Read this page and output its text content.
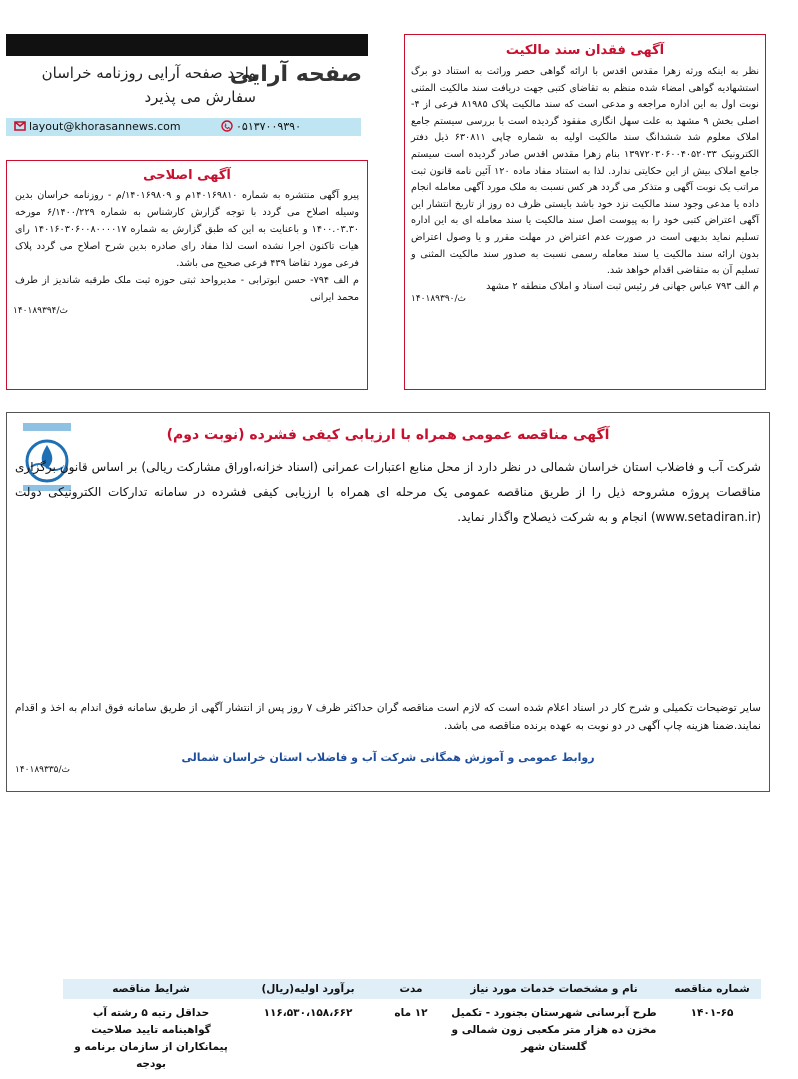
آگهی فقدان سند مالکیت
نظر به اینکه ورثه زهرا مقدس اقدس با ارائه گواهی حصر وراثت به استناد دو برگ استشهادیه گواهی امضاء شده منظم به تقاضای کتبی جهت دریافت سند مالکیت المثنی نوبت اول به این اداره مراجعه و مدعی است که سند مالکیت پلاک ۸۱۹۸۵ فرعی از ۴- اصلی بخش ۹ مشهد به علت سهل انگاری مفقود گردیده است با بررسی سیستم جامع املاک معلوم شد ششدانگ سند مالکیت اولیه به شماره چاپی ۶۳۰۸۱۱ ذیل دفتر الکترونیک ۱۳۹۷۲۰۳۰۶۰۰۴۰۵۲۰۳۳ بنام زهرا مقدس اقدس صادر گردیده است سیستم جامع املاک بیش از این حکایتی ندارد. لذا به استناد مفاد ماده ۱۲۰ آئین نامه قانون ثبت مراتب یک نوبت آگهی و متذکر می گردد هر کس نسبت به ملک مورد آگهی معامله انجام داده یا مدعی وجود سند مالکیت نزد خود باشد بایستی ظرف ده روز از تاریخ انتشار این آگهی اعتراض کتبی خود را به پیوست اصل سند مالکیت یا سند معامله ای به این اداره تسلیم نماید بدیهی است در صورت عدم اعتراض در مهلت مقرر و یا وصول اعتراض بدون ارائه سند مالکیت یا سند معامله رسمی نسبت به صدور سند مالکیت المثنی و تسلیم آن به متقاضی اقدام خواهد شد.
م الف ۷۹۳ عباس جهانی فر رئیس ثبت اسناد و املاک منطقه ۲ مشهد
ث/۱۴۰۱۸۹۳۹۰
صفحه آرایی
واحد صفحه آرایی روزنامه خراسان
سفارش می پذیرد
layout@khorasannews.com	۰۵۱۳۷۰۰۹۳۹۰
آگهی اصلاحی
پیرو آگهی منتشره به شماره ۱۴۰۱۶۹۸۱۰م و ۱۴۰۱۶۹۸۰۹/م - روزنامه خراسان بدین وسیله اصلاح می گردد با توجه گزارش کارشناس به شماره ۶/۱۴۰۰/۲۲۹ مورخه ۱۴۰۰.۰۳.۳۰ و باعنایت به این که طبق گزارش به شماره ۱۴۰۱۶۰۳۰۶۰۰۸۰۰۰۰۱۷ رای هیات تاکنون اجرا نشده است لذا مفاد رای صادره بدین شرح اصلاح می گردد پلاک فرعی مورد تقاضا ۴۳۹ فرعی صحیح می باشد.
م الف ۷۹۴- حسن ابوترابی - مدیرواحد ثبتی حوزه ثبت ملک طرقبه شاندیز از طرف محمد ایرانی
ث/۱۴۰۱۸۹۳۹۴
آگهی مناقصه عمومی همراه با ارزیابی کیفی فشرده (نوبت دوم)
شرکت آب و فاضلاب استان خراسان شمالی در نظر دارد از محل منابع اعتبارات عمرانی (اسناد خزانه،اوراق مشارکت ریالی) بر اساس قانون برگزاری مناقصات پروژه مشروحه ذیل را از طریق مناقصه عمومی یک مرحله ای همراه با ارزیابی کیفی فشرده در سامانه تدارکات الکترونیکی دولت (www.setadiran.ir) انجام و به شرکت ذیصلاح واگذار نماید.
شماره مناقصه	نام و مشخصات خدمات مورد نیاز	مدت	برآورد اولیه(ریال)	شرایط مناقصه
۱۴۰۱-۶۵	طرح آبرسانی شهرستان بجنورد - تکمیل مخزن ده هزار متر مکعبی زون شمالی و گلستان شهر	۱۲ ماه	۱۱۶،۵۳۰،۱۵۸،۶۶۲	حداقل رتبه ۵ رشته آب گواهینامه تایید صلاحیت پیمانکاران از سازمان برنامه و بودجه
سایر توضیحات تکمیلی و شرح کار در اسناد اعلام شده است که لازم است مناقصه گران حداکثر ظرف ۷ روز پس از انتشار آگهی از طریق سامانه فوق اندام به اخذ و اقدام نمایند.ضمنا هزینه چاپ آگهی در دو نوبت به عهده برنده مناقصه می باشد.
روابط عمومی و آموزش همگانی شرکت آب و فاضلاب استان خراسان شمالی
ث/۱۴۰۱۸۹۳۳۵
